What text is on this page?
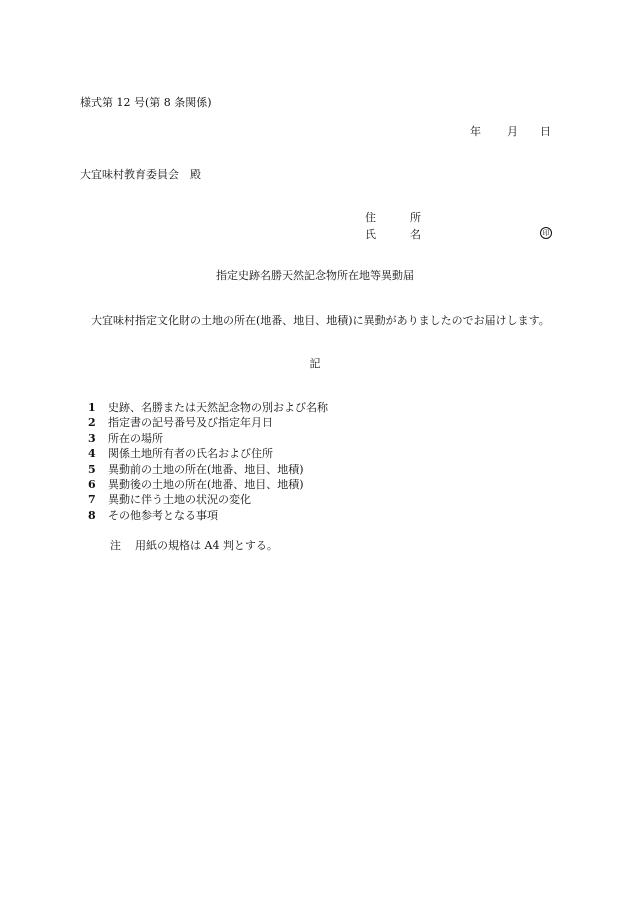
様式第 12 号(第 8 条関係)
年 月 日
大宜味村教育委員会　殿
住	所
氏	名	印
指定史跡名勝天然記念物所在地等異動届
大宜味村指定文化財の土地の所在(地番、地目、地積)に異動がありましたのでお届けします。
記
1 史跡、名勝または天然記念物の別および名称
2 指定書の記号番号及び指定年月日
3 所在の場所
4 関係土地所有者の氏名および住所
5 異動前の土地の所在(地番、地目、地積)
6 異動後の土地の所在(地番、地目、地積)
7 異動に伴う土地の状況の変化
8 その他参考となる事項
注 用紙の規格は A4 判とする。
